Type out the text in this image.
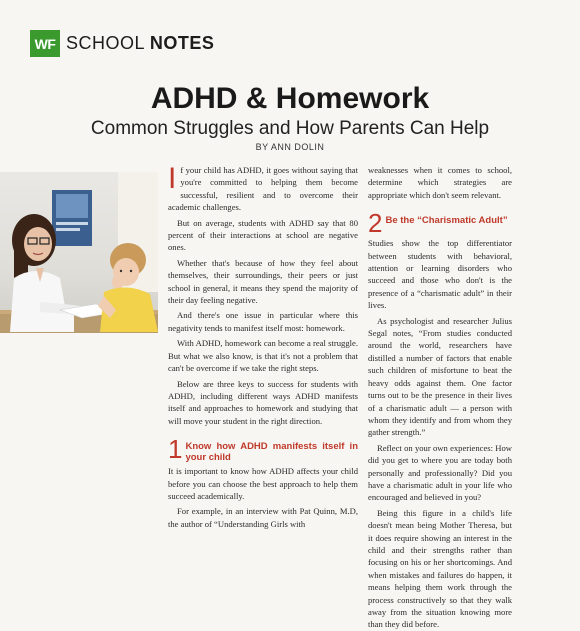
WF SCHOOL NOTES
ADHD & Homework
Common Struggles and How Parents Can Help
BY ANN DOLIN

If your child has ADHD, it goes without saying that you're committed to helping them become successful, resilient and to overcome their academic challenges.

But on average, students with ADHD say that 80 percent of their interactions at school are negative ones.

Whether that's because of how they feel about themselves, their surroundings, their peers or just school in general, it means they spend the majority of their day feeling negative.

And there's one issue in particular where this negativity tends to manifest itself most: homework.

With ADHD, homework can become a real struggle. But what we also know, is that it's not a problem that can't be overcome if we take the right steps.

Below are three keys to success for students with ADHD, including different ways ADHD manifests itself and approaches to homework and studying that will move your student in the right direction.

1 Know how ADHD manifests itself in your child

It is important to know how ADHD affects your child before you can choose the best approach to help them succeed academically.

For example, in an interview with Pat Quinn, M.D, the author of “Understanding Girls with

weaknesses when it comes to school, determine which strategies are appropriate which don't seem relevant.

2 Be the “Charismatic Adult”

Studies show the top differentiator between students with behavioral, attention or learning disorders who succeed and those who don't is the presence of a “charismatic adult” in their lives.

As psychologist and researcher Julius Segal notes, “From studies conducted around the world, researchers have distilled a number of factors that enable such children of misfortune to beat the heavy odds against them. One factor turns out to be the presence in their lives of a charismatic adult — a person with whom they identify and from whom they gather strength.”

Reflect on your own experiences: How did you get to where you are today both personally and professionally? Did you have a charismatic adult in your life who encouraged and believed in you?

Being this figure in a child's life doesn't mean being Mother Theresa, but it does require showing an interest in the child and their strengths rather than focusing on his or her shortcomings. And when mistakes and failures do happen, it means helping them work through the process constructively so that they walk away from the situation knowing more than they did before.
